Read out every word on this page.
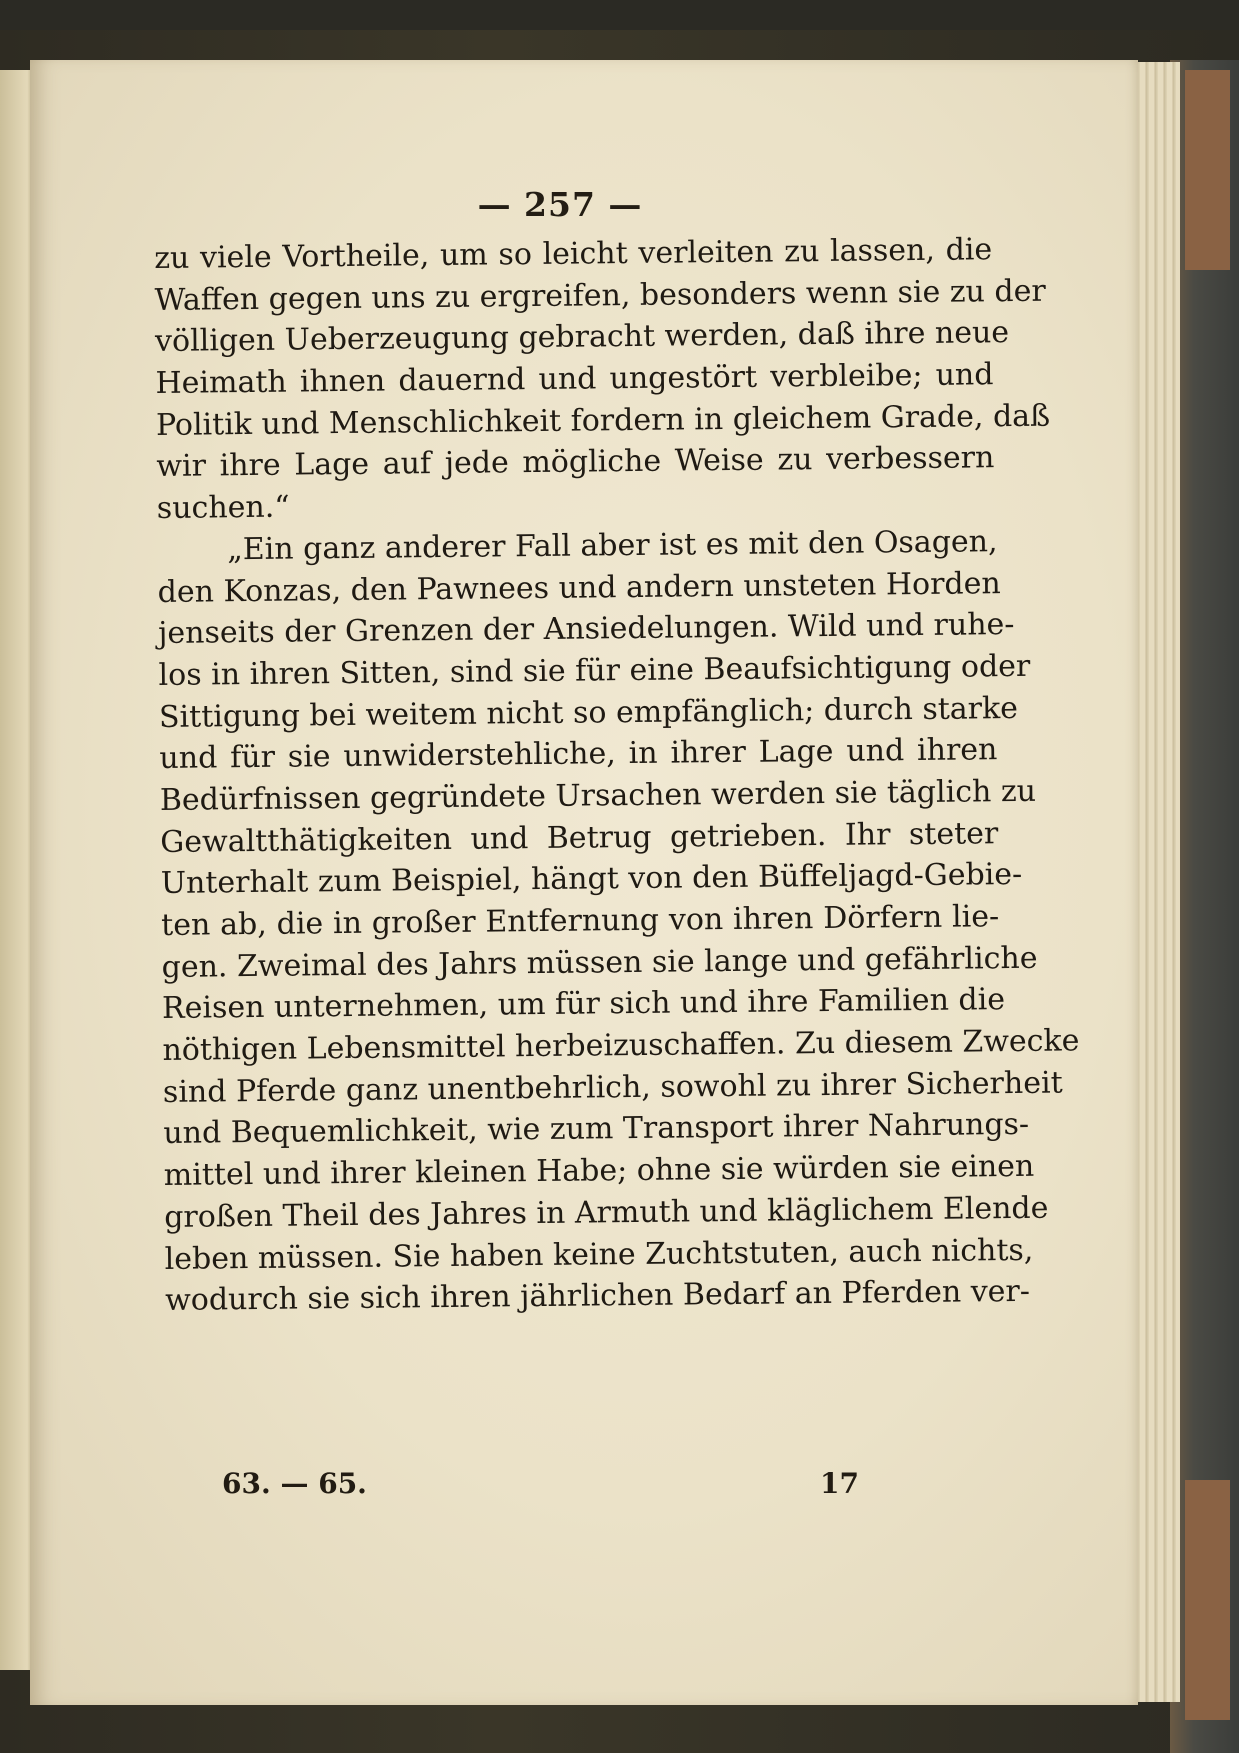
— 257 —
zu viele Vortheile, um so leicht verleiten zu lassen, die
Waffen gegen uns zu ergreifen, besonders wenn sie zu der
völligen Ueberzeugung gebracht werden, daß ihre neue
Heimath ihnen dauernd und ungestört verbleibe; und
Politik und Menschlichkeit fordern in gleichem Grade, daß
wir ihre Lage auf jede mögliche Weise zu verbessern
suchen.“
„Ein ganz anderer Fall aber ist es mit den Osagen,
den Konzas, den Pawnees und andern unsteten Horden
jenseits der Grenzen der Ansiedelungen. Wild und ruhe-
los in ihren Sitten, sind sie für eine Beaufsichtigung oder
Sittigung bei weitem nicht so empfänglich; durch starke
und für sie unwiderstehliche, in ihrer Lage und ihren
Bedürfnissen gegründete Ursachen werden sie täglich zu
Gewaltthätigkeiten und Betrug getrieben. Ihr steter
Unterhalt zum Beispiel, hängt von den Büffeljagd-Gebie-
ten ab, die in großer Entfernung von ihren Dörfern lie-
gen. Zweimal des Jahrs müssen sie lange und gefährliche
Reisen unternehmen, um für sich und ihre Familien die
nöthigen Lebensmittel herbeizuschaffen. Zu diesem Zwecke
sind Pferde ganz unentbehrlich, sowohl zu ihrer Sicherheit
und Bequemlichkeit, wie zum Transport ihrer Nahrungs-
mittel und ihrer kleinen Habe; ohne sie würden sie einen
großen Theil des Jahres in Armuth und kläglichem Elende
leben müssen. Sie haben keine Zuchtstuten, auch nichts,
wodurch sie sich ihren jährlichen Bedarf an Pferden ver-
63. — 65.	17
